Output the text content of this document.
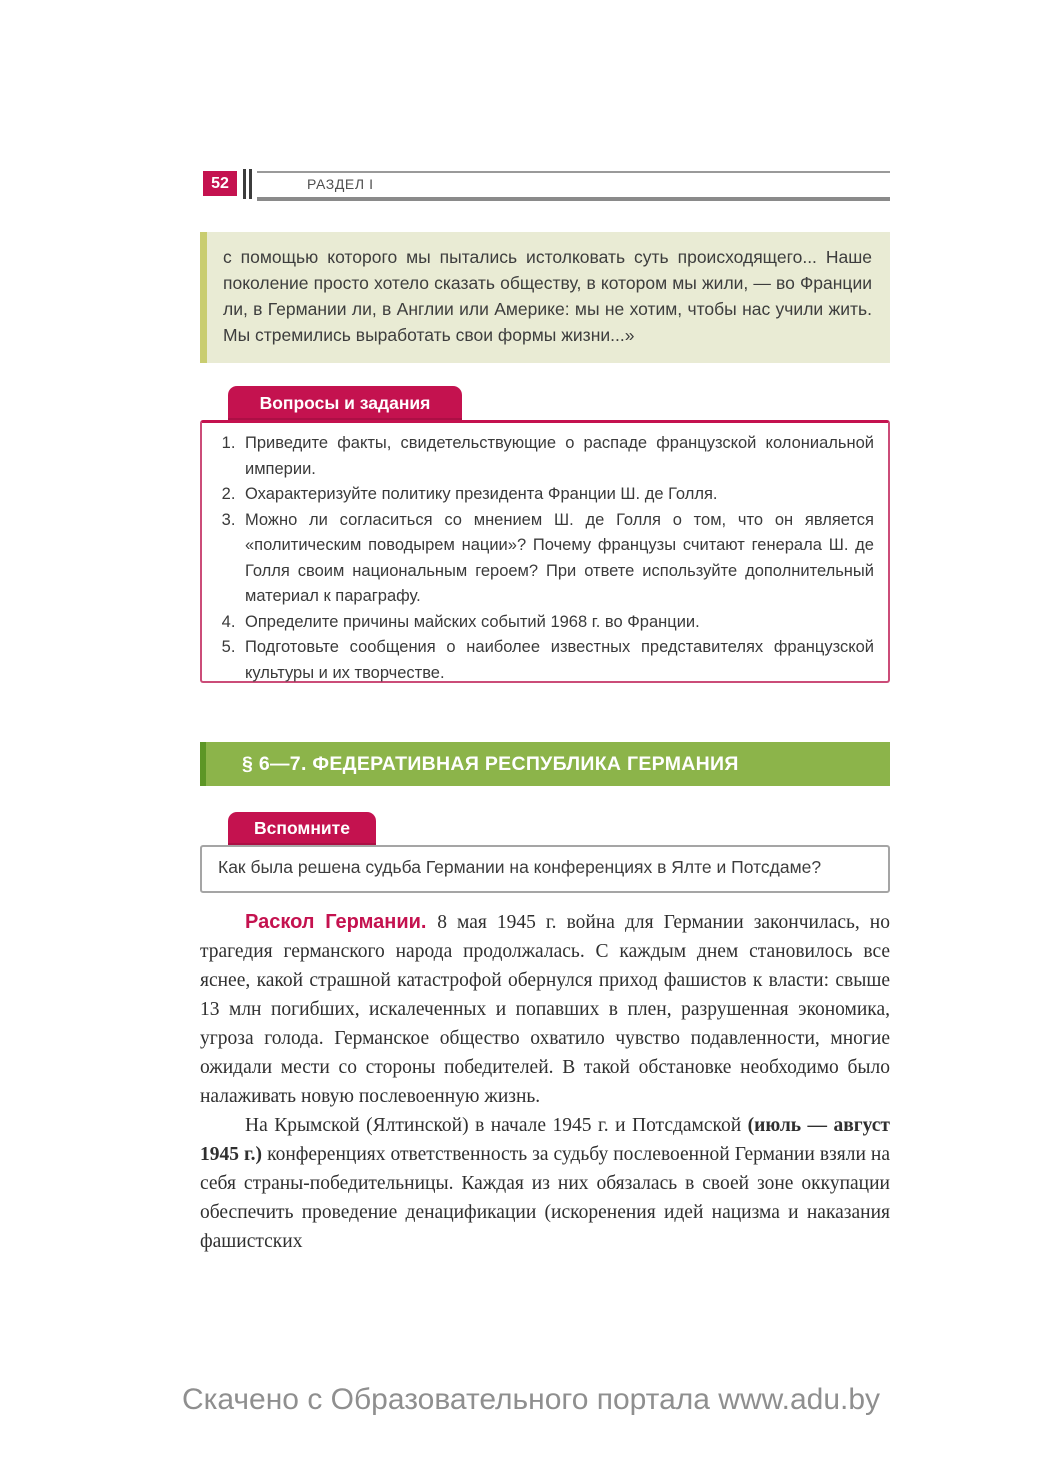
52	РАЗДЕЛ I
с помощью которого мы пытались истолковать суть происходящего... Наше поколение просто хотело сказать обществу, в котором мы жили, — во Франции ли, в Германии ли, в Англии или Америке: мы не хотим, чтобы нас учили жить. Мы стремились выработать свои формы жизни...»
Вопросы и задания
1. Приведите факты, свидетельствующие о распаде французской колониальной империи.
2. Охарактеризуйте политику президента Франции Ш. де Голля.
3. Можно ли согласиться со мнением Ш. де Голля о том, что он является «политическим поводырем нации»? Почему французы считают генерала Ш. де Голля своим национальным героем? При ответе используйте дополнительный материал к параграфу.
4. Определите причины майских событий 1968 г. во Франции.
5. Подготовьте сообщения о наиболее известных представителях французской культуры и их творчестве.
§ 6—7. ФЕДЕРАТИВНАЯ РЕСПУБЛИКА ГЕРМАНИЯ
Вспомните
Как была решена судьба Германии на конференциях в Ялте и Потсдаме?

Раскол Германии. 8 мая 1945 г. война для Германии закончилась, но трагедия германского народа продолжалась. С каждым днем становилось все яснее, какой страшной катастрофой обернулся приход фашистов к власти: свыше 13 млн погибших, искалеченных и попавших в плен, разрушенная экономика, угроза голода. Германское общество охватило чувство подавленности, многие ожидали мести со стороны победителей. В такой обстановке необходимо было налаживать новую послевоенную жизнь.

На Крымской (Ялтинской) в начале 1945 г. и Потсдамской (июль — август 1945 г.) конференциях ответственность за судьбу послевоенной Германии взяли на себя страны-победительницы. Каждая из них обязалась в своей зоне оккупации обеспечить проведение денацификации (искоренения идей нацизма и наказания фашистских

Скачено с Образовательного портала www.adu.by
